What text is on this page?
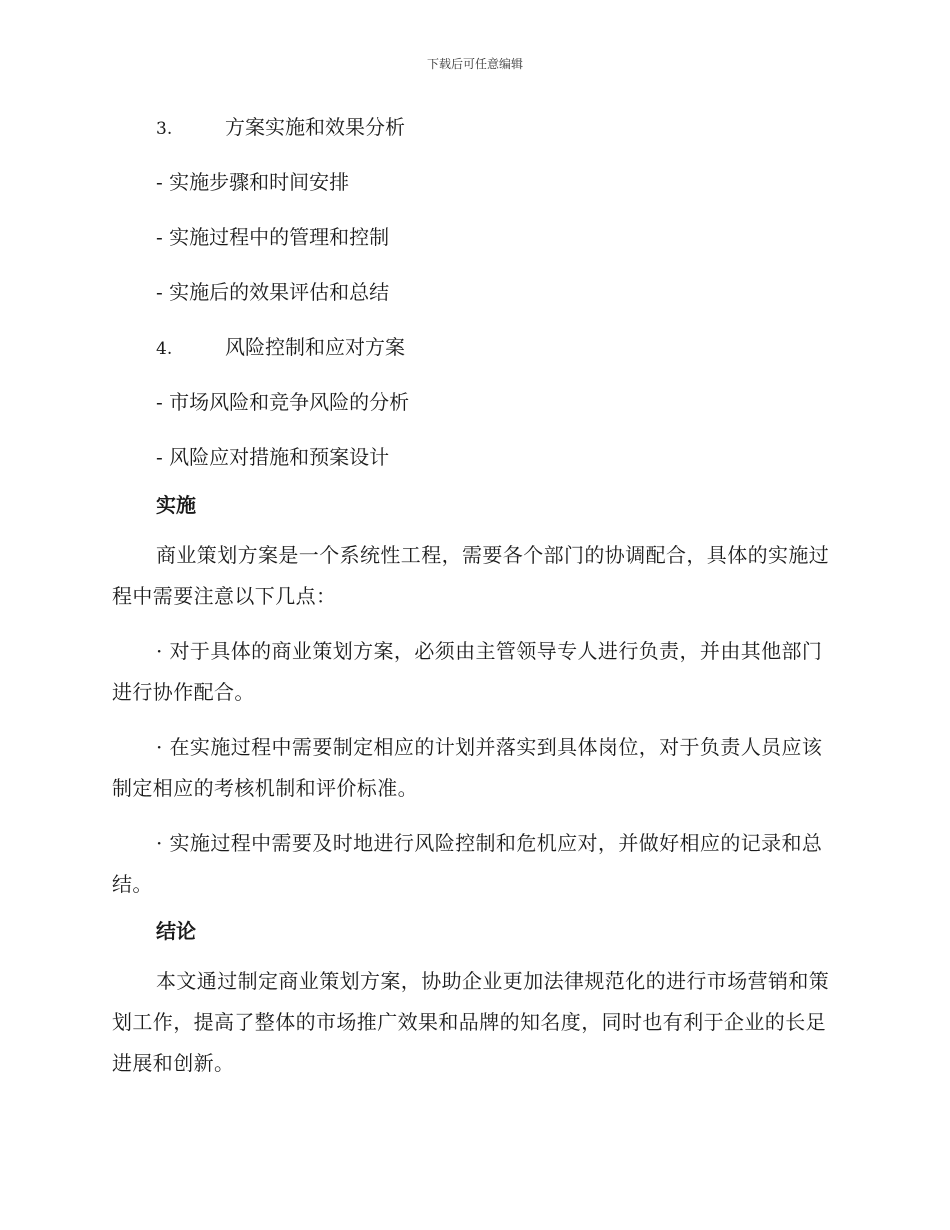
下载后可任意编辑
3.	方案实施和效果分析
- 实施步骤和时间安排
- 实施过程中的管理和控制
- 实施后的效果评估和总结
4.	风险控制和应对方案
- 市场风险和竞争风险的分析
- 风险应对措施和预案设计
实施

商业策划方案是一个系统性工程，需要各个部门的协调配合，具体的实施过程中需要注意以下几点：

· 对于具体的商业策划方案，必须由主管领导专人进行负责，并由其他部门进行协作配合。

· 在实施过程中需要制定相应的计划并落实到具体岗位，对于负责人员应该制定相应的考核机制和评价标准。

· 实施过程中需要及时地进行风险控制和危机应对，并做好相应的记录和总结。

结论

本文通过制定商业策划方案，协助企业更加法律规范化的进行市场营销和策划工作，提高了整体的市场推广效果和品牌的知名度，同时也有利于企业的长足进展和创新。
